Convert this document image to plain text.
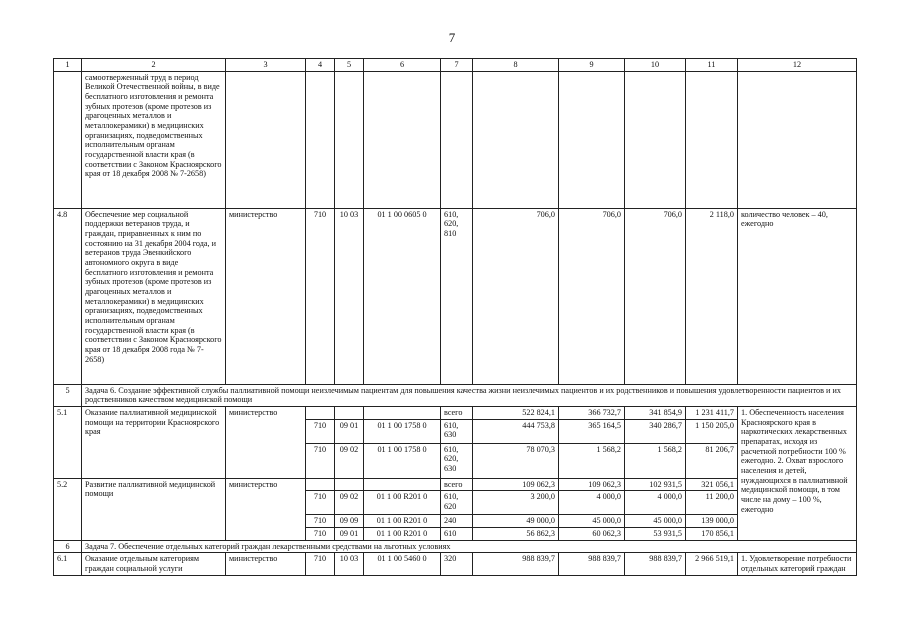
7
1	2	3	4	5	6	7	8	9	10	11	12
	самоотверженный труд в период Великой Отечественной войны, в виде бесплатного изготовления и ремонта зубных протезов (кроме протезов из драгоценных металлов и металлокерамики) в медицинских организациях, подведомственных исполнительным органам государственной власти края (в соответствии с Законом Красноярского края от 18 декабря 2008 № 7-2658)										
4.8	Обеспечение мер социальной поддержки ветеранов труда, и граждан, приравненных к ним по состоянию на 31 декабря 2004 года, и ветеранов труда Эвенкийского автономного округа в виде бесплатного изготовления и ремонта зубных протезов (кроме протезов из драгоценных металлов и металлокерамики) в медицинских организациях, подведомственных исполнительным органам государственной власти края (в соответствии с Законом Красноярского края от 18 декабря 2008 года № 7-2658)	министерство	710	10 03	01 1 00 0605 0	610, 620, 810	706,0	706,0	706,0	2 118,0	количество человек – 40, ежегодно
5	Задача 6. Создание эффективной службы паллиативной помощи неизлечимым пациентам для повышения качества жизни неизлечимых пациентов и их родственников и повышения удовлетворенности пациентов и их родственников качеством медицинской помощи										
5.1	Оказание паллиативной медицинской помощи на территории Красноярского края	министерство				всего	522 824,1	366 732,7	341 854,9	1 231 411,7	1. Обеспеченность населения Красноярского края в наркотических лекарственных препаратах, исходя из расчетной потребности 100 % ежегодно. 2. Охват взрослого населения и детей, нуждающихся в паллиативной медицинской помощи, в том числе на дому – 100 %, ежегодно
			710	09 01	01 1 00 1758 0	610, 630	444 753,8	365 164,5	340 286,7	1 150 205,0	
			710	09 02	01 1 00 1758 0	610, 620, 630	78 070,3	1 568,2	1 568,2	81 206,7	
5.2	Развитие паллиативной медицинской помощи	министерство				всего	109 062,3	109 062,3	102 931,5	321 056,1	
			710	09 02	01 1 00 R201 0	610, 620	3 200,0	4 000,0	4 000,0	11 200,0	
			710	09 09	01 1 00 R201 0	240	49 000,0	45 000,0	45 000,0	139 000,0	
			710	09 01	01 1 00 R201 0	610	56 862,3	60 062,3	53 931,5	170 856,1	
6	Задача 7. Обеспечение отдельных категорий граждан лекарственными средствами на льготных условиях										
6.1	Оказание отдельным категориям граждан социальной услуги	министерство	710	10 03	01 1 00 5460 0	320	988 839,7	988 839,7	988 839,7	2 966 519,1	1. Удовлетворение потребности отдельных категорий граждан
